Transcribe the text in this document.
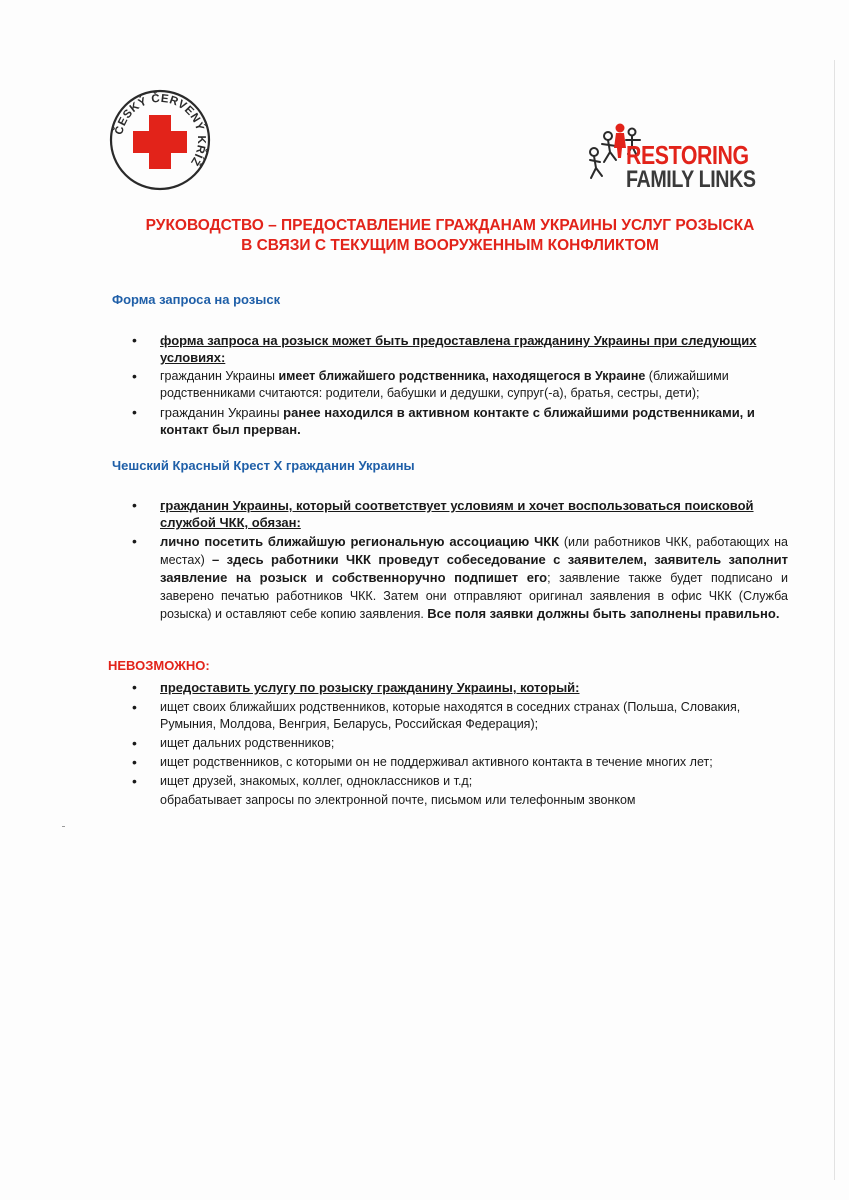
ČESKÝ ČERVENÝ KŘÍŽ	RESTORING
FAMILY LINKS
РУКОВОДСТВО – ПРЕДОСТАВЛЕНИЕ ГРАЖДАНАМ УКРАИНЫ УСЛУГ РОЗЫСКА
В СВЯЗИ С ТЕКУЩИМ ВООРУЖЕННЫМ КОНФЛИКТОМ
Форма запроса на розыск
• форма запроса на розыск может быть предоставлена гражданину Украины при следующих условиях:
• гражданин Украины имеет ближайшего родственника, находящегося в Украине (ближайшими родственниками считаются: родители, бабушки и дедушки, супруг(-а), братья, сестры, дети);
• гражданин Украины ранее находился в активном контакте с ближайшими родственниками, и контакт был прерван.
Чешский Красный Крест X гражданин Украины
• гражданин Украины, который соответствует условиям и хочет воспользоваться поисковой службой ЧКК, обязан:
• лично посетить ближайшую региональную ассоциацию ЧКК (или работников ЧКК, работающих на местах) – здесь работники ЧКК проведут собеседование с заявителем, заявитель заполнит заявление на розыск и собственноручно подпишет его; заявление также будет подписано и заверено печатью работников ЧКК. Затем они отправляют оригинал заявления в офис ЧКК (Служба розыска) и оставляют себе копию заявления. Все поля заявки должны быть заполнены правильно.
НЕВОЗМОЖНО:
• предоставить услугу по розыску гражданину Украины, который:
• ищет своих ближайших родственников, которые находятся в соседних странах (Польша, Словакия, Румыния, Молдова, Венгрия, Беларусь, Российская Федерация);
• ищет дальних родственников;
• ищет родственников, с которыми он не поддерживал активного контакта в течение многих лет;
• ищет друзей, знакомых, коллег, одноклассников и т.д;
обрабатывает запросы по электронной почте, письмом или телефонным звонком
